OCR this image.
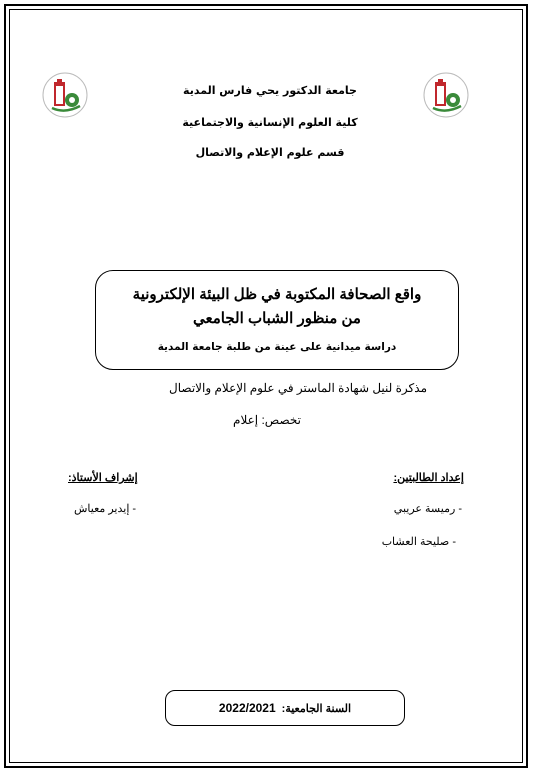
جامعة الدكتور يحي فارس المدية
كلية العلوم الإنسانية والاجتماعية
قسم علوم الإعلام والاتصال
واقع الصحافة المكتوبة في ظل البيئة الإلكترونية
من منظور الشباب الجامعي
دراسة ميدانية على عينة من طلبة جامعة المدية
مذكرة لنيل شهادة الماستر في علوم الإعلام والاتصال
تخصص: إعلام
إعداد الطالبتين:
- رميسة عريبي
- صليحة العشاب
إشراف الأستاذ:
- إيدير معياش
السنة الجامعية:
2022/2021
